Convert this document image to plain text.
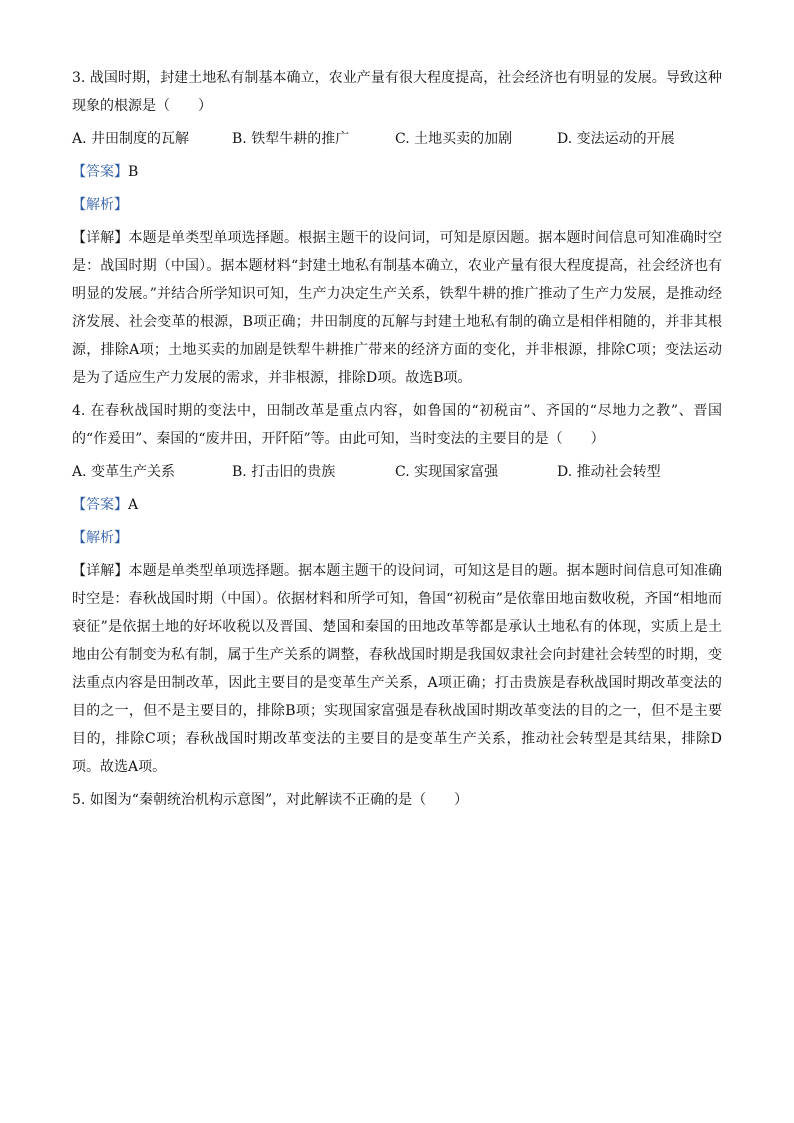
3. 战国时期，封建土地私有制基本确立，农业产量有很大程度提高，社会经济也有明显的发展。导致这种现象的根源是（　　）

A. 井田制度的瓦解	B. 铁犁牛耕的推广	C. 土地买卖的加剧	D. 变法运动的开展

【答案】B

【解析】

【详解】本题是单类型单项选择题。根据主题干的设问词，可知是原因题。据本题时间信息可知准确时空是：战国时期（中国）。据本题材料“封建土地私有制基本确立，农业产量有很大程度提高，社会经济也有明显的发展。”并结合所学知识可知，生产力决定生产关系，铁犁牛耕的推广推动了生产力发展，是推动经济发展、社会变革的根源，B项正确；井田制度的瓦解与封建土地私有制的确立是相伴相随的，并非其根源，排除A项；土地买卖的加剧是铁犁牛耕推广带来的经济方面的变化，并非根源，排除C项；变法运动是为了适应生产力发展的需求，并非根源，排除D项。故选B项。

4. 在春秋战国时期的变法中，田制改革是重点内容，如鲁国的“初税亩”、齐国的“尽地力之教”、晋国的“作爰田”、秦国的“废井田，开阡陌”等。由此可知，当时变法的主要目的是（　　）

A. 变革生产关系	B. 打击旧的贵族	C. 实现国家富强	D. 推动社会转型

【答案】A

【解析】

【详解】本题是单类型单项选择题。据本题主题干的设问词，可知这是目的题。据本题时间信息可知准确时空是：春秋战国时期（中国）。依据材料和所学可知，鲁国“初税亩”是依靠田地亩数收税，齐国“相地而衰征”是依据土地的好坏收税以及晋国、楚国和秦国的田地改革等都是承认土地私有的体现，实质上是土地由公有制变为私有制，属于生产关系的调整，春秋战国时期是我国奴隶社会向封建社会转型的时期，变法重点内容是田制改革，因此主要目的是变革生产关系，A项正确；打击贵族是春秋战国时期改革变法的目的之一，但不是主要目的，排除B项；实现国家富强是春秋战国时期改革变法的目的之一，但不是主要目的，排除C项；春秋战国时期改革变法的主要目的是变革生产关系，推动社会转型是其结果，排除D项。故选A项。

5. 如图为“秦朝统治机构示意图”，对此解读不正确的是（　　）
